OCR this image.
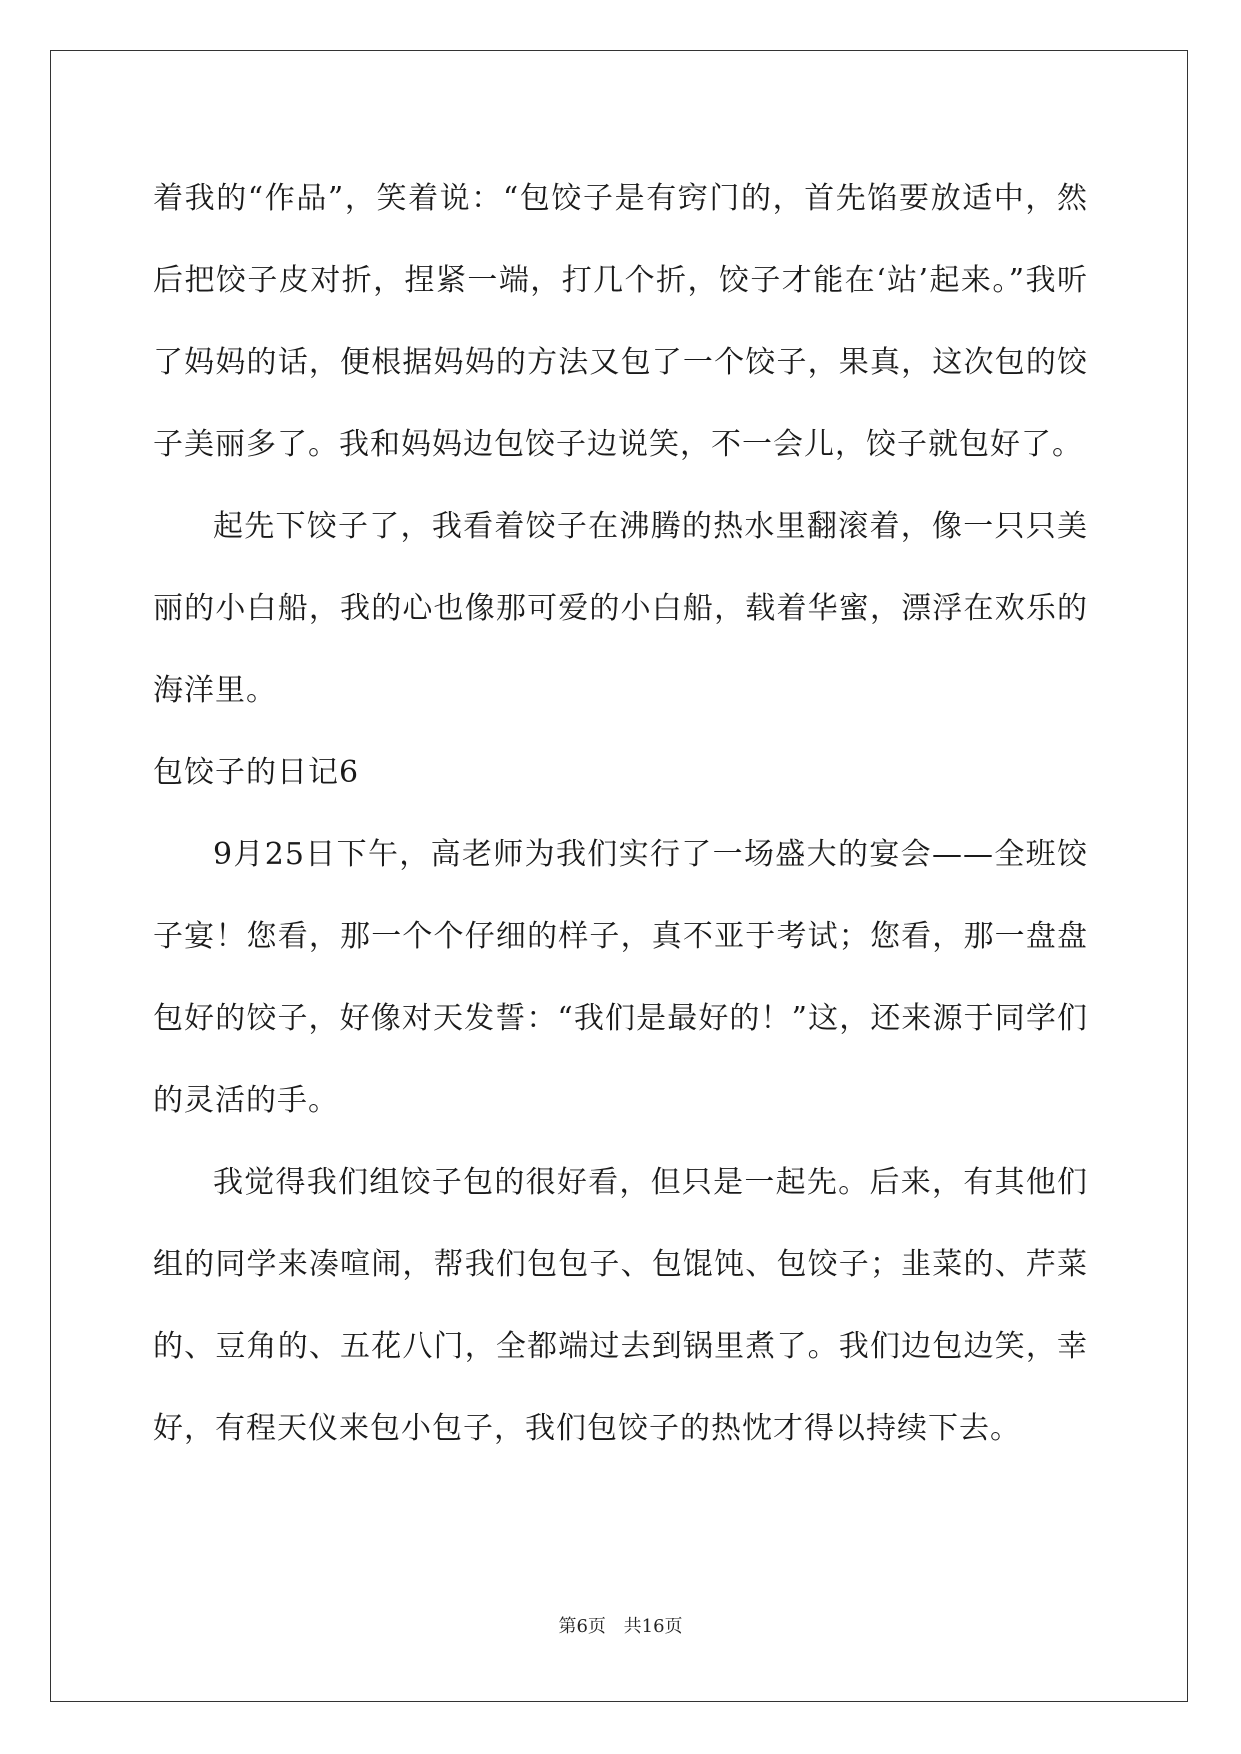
着我的“作品”，笑着说：“包饺子是有窍门的，首先馅要放适中，然后把饺子皮对折，捏紧一端，打几个折，饺子才能在‘站’起来。”我听了妈妈的话，便根据妈妈的方法又包了一个饺子，果真，这次包的饺子美丽多了。我和妈妈边包饺子边说笑，不一会儿，饺子就包好了。

起先下饺子了，我看着饺子在沸腾的热水里翻滚着，像一只只美丽的小白船，我的心也像那可爱的小白船，载着华蜜，漂浮在欢乐的海洋里。

包饺子的日记6

9月25日下午，高老师为我们实行了一场盛大的宴会——全班饺子宴！您看，那一个个仔细的样子，真不亚于考试；您看，那一盘盘包好的饺子，好像对天发誓：“我们是最好的！”这，还来源于同学们的灵活的手。

我觉得我们组饺子包的很好看，但只是一起先。后来，有其他们组的同学来凑喧闹，帮我们包包子、包馄饨、包饺子；韭菜的、芹菜的、豆角的、五花八门，全都端过去到锅里煮了。我们边包边笑，幸好，有程天仪来包小包子，我们包饺子的热忱才得以持续下去。

第6页 共16页
